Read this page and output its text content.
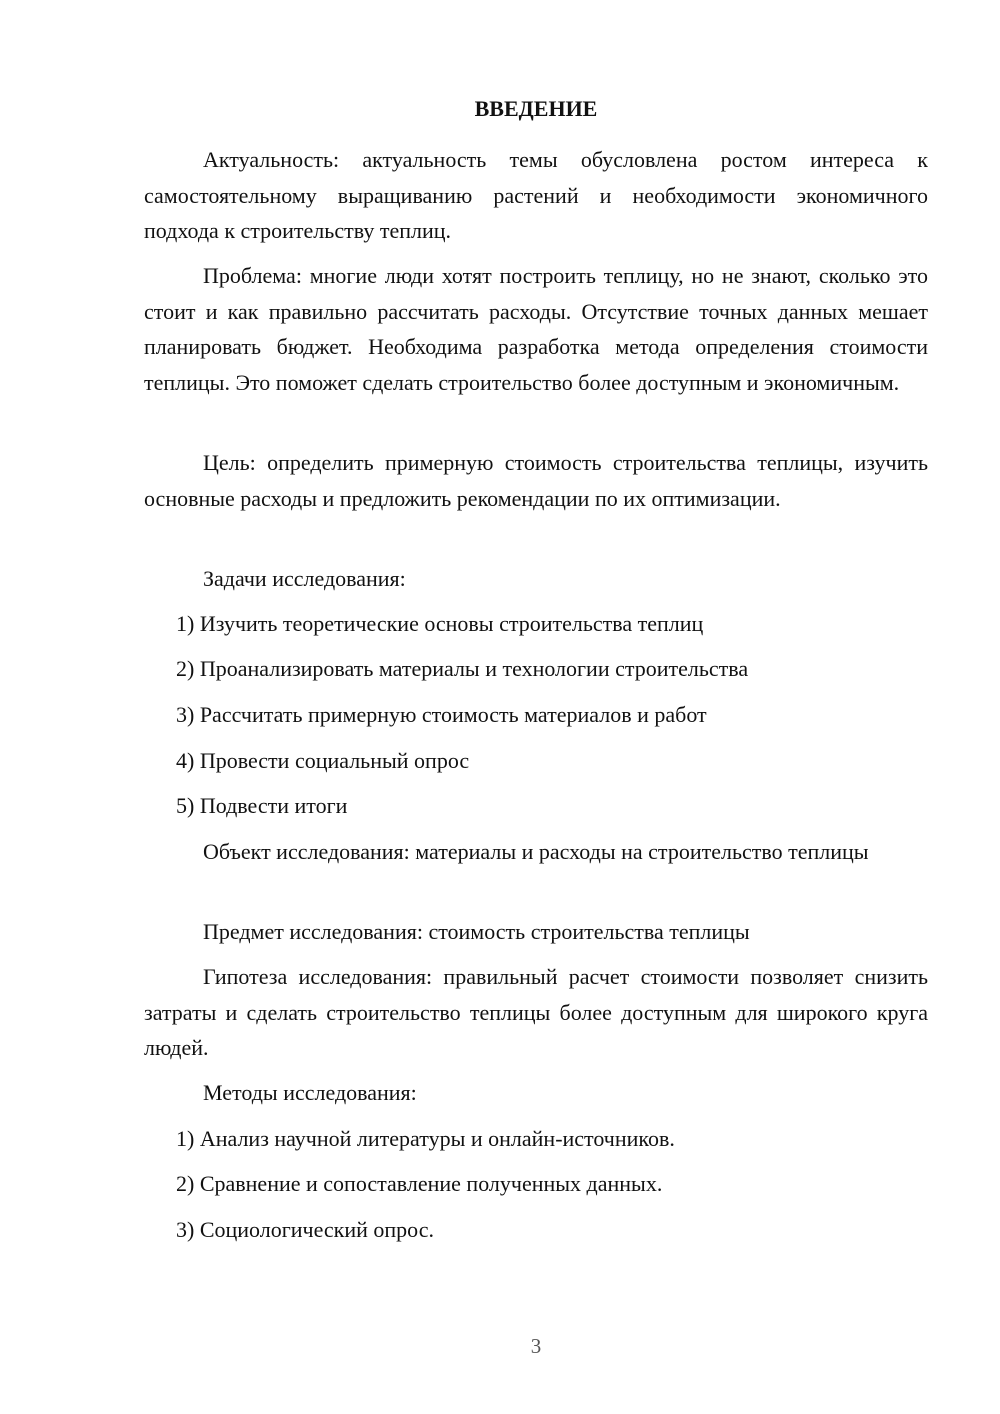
ВВЕДЕНИЕ

Актуальность: актуальность темы обусловлена ростом интереса к самостоятельному выращиванию растений и необходимости экономичного подхода к строительству теплиц.

Проблема: многие люди хотят построить теплицу, но не знают, сколько это стоит и как правильно рассчитать расходы. Отсутствие точных данных мешает планировать бюджет. Необходима разработка метода определения стоимости теплицы. Это поможет сделать строительство более доступным и экономичным.

Цель: определить примерную стоимость строительства теплицы, изучить основные расходы и предложить рекомендации по их оптимизации.

Задачи исследования:

1) Изучить теоретические основы строительства теплиц

2) Проанализировать материалы и технологии строительства

3) Рассчитать примерную стоимость материалов и работ

4) Провести социальный опрос

5) Подвести итоги

Объект исследования: материалы и расходы на строительство теплицы

Предмет исследования: стоимость строительства теплицы

Гипотеза исследования: правильный расчет стоимости позволяет снизить затраты и сделать строительство теплицы более доступным для широкого круга людей.

Методы исследования:

1) Анализ научной литературы и онлайн-источников.

2) Сравнение и сопоставление полученных данных.

3) Социологический опрос.

3
